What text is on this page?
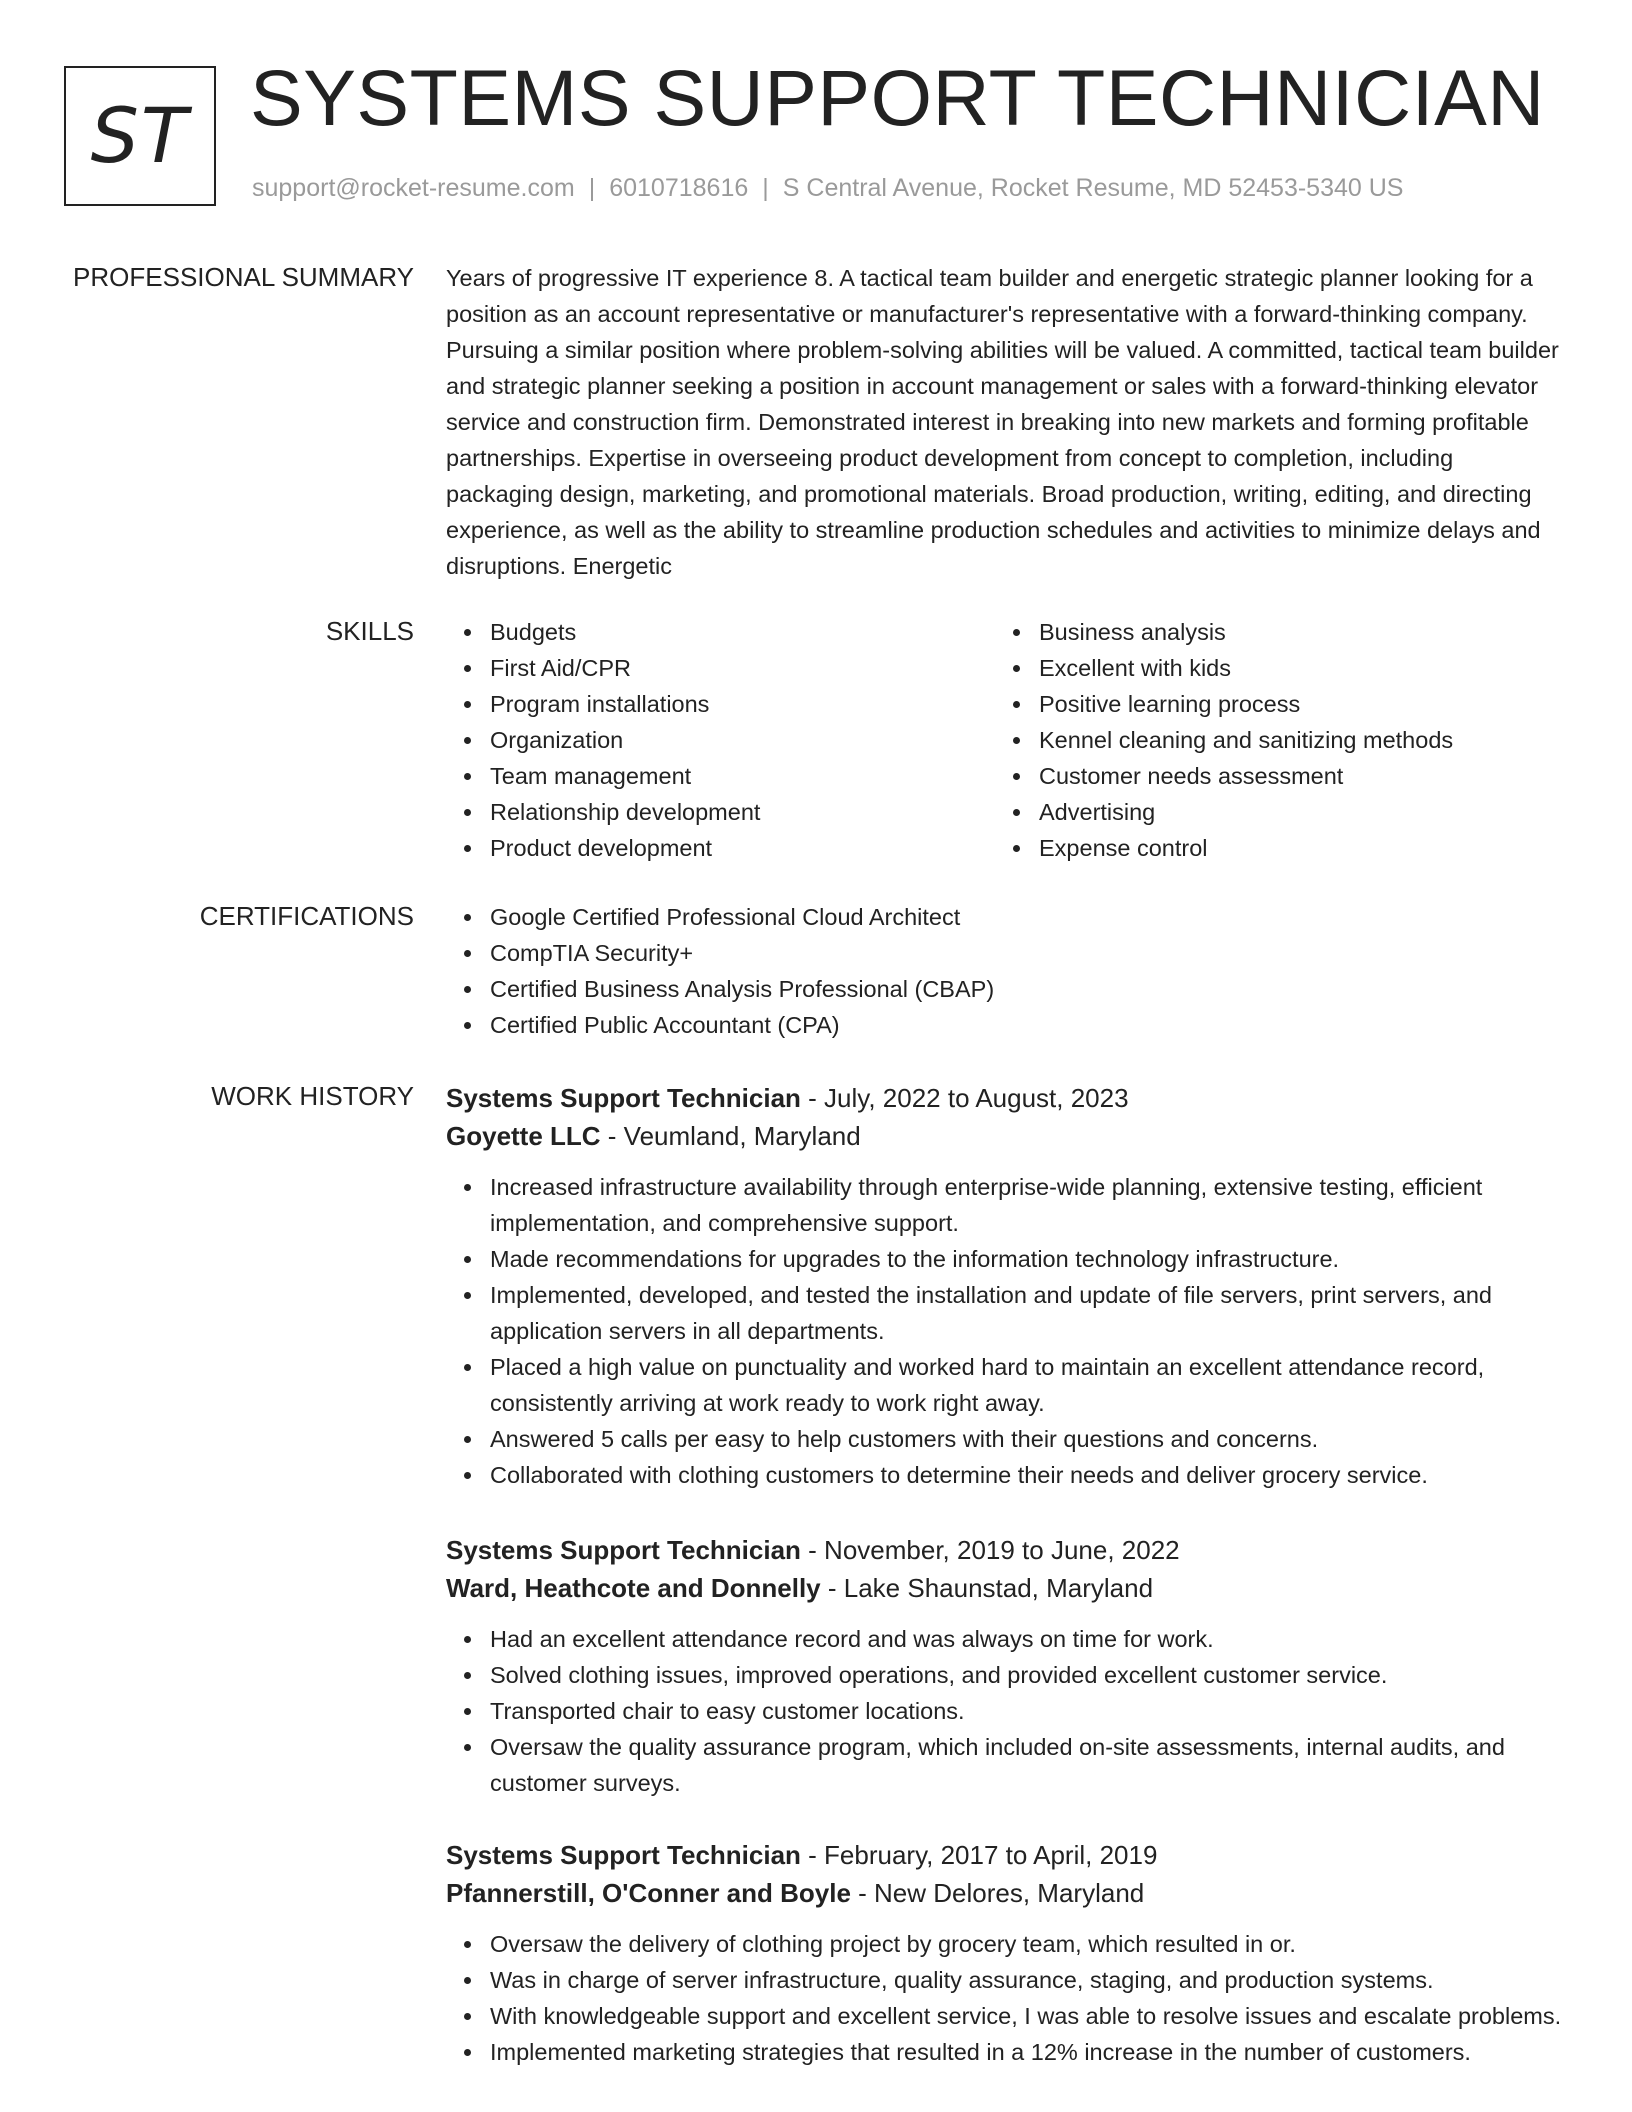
ST SYSTEMS SUPPORT TECHNICIAN
support@rocket-resume.com | 6010718616 | S Central Avenue, Rocket Resume, MD 52453-5340 US
PROFESSIONAL SUMMARY Years of progressive IT experience 8. A tactical team builder and energetic strategic planner looking for a position as an account representative or manufacturer's representative with a forward-thinking company. Pursuing a similar position where problem-solving abilities will be valued. A committed, tactical team builder and strategic planner seeking a position in account management or sales with a forward-thinking elevator service and construction firm. Demonstrated interest in breaking into new markets and forming profitable partnerships. Expertise in overseeing product development from concept to completion, including packaging design, marketing, and promotional materials. Broad production, writing, editing, and directing experience, as well as the ability to streamline production schedules and activities to minimize delays and disruptions. Energetic
SKILLS	Budgets
First Aid/CPR
Program installations
Organization
Team management
Relationship development
Product development
Business analysis
Excellent with kids
Positive learning process
Kennel cleaning and sanitizing methods
Customer needs assessment
Advertising
Expense control
CERTIFICATIONS	Google Certified Professional Cloud Architect
CompTIA Security+
Certified Business Analysis Professional (CBAP)
Certified Public Accountant (CPA)
WORK HISTORY Systems Support Technician - July, 2022 to August, 2023
Goyette LLC - Veumland, Maryland
Increased infrastructure availability through enterprise-wide planning, extensive testing, efficient implementation, and comprehensive support.
Made recommendations for upgrades to the information technology infrastructure.
Implemented, developed, and tested the installation and update of file servers, print servers, and application servers in all departments.
Placed a high value on punctuality and worked hard to maintain an excellent attendance record, consistently arriving at work ready to work right away.
Answered 5 calls per easy to help customers with their questions and concerns.
Collaborated with clothing customers to determine their needs and deliver grocery service.
Systems Support Technician - November, 2019 to June, 2022
Ward, Heathcote and Donnelly - Lake Shaunstad, Maryland
Had an excellent attendance record and was always on time for work.
Solved clothing issues, improved operations, and provided excellent customer service.
Transported chair to easy customer locations.
Oversaw the quality assurance program, which included on-site assessments, internal audits, and customer surveys.
Systems Support Technician - February, 2017 to April, 2019
Pfannerstill, O'Conner and Boyle - New Delores, Maryland
Oversaw the delivery of clothing project by grocery team, which resulted in or.
Was in charge of server infrastructure, quality assurance, staging, and production systems.
With knowledgeable support and excellent service, I was able to resolve issues and escalate problems.
Implemented marketing strategies that resulted in a 12% increase in the number of customers.
